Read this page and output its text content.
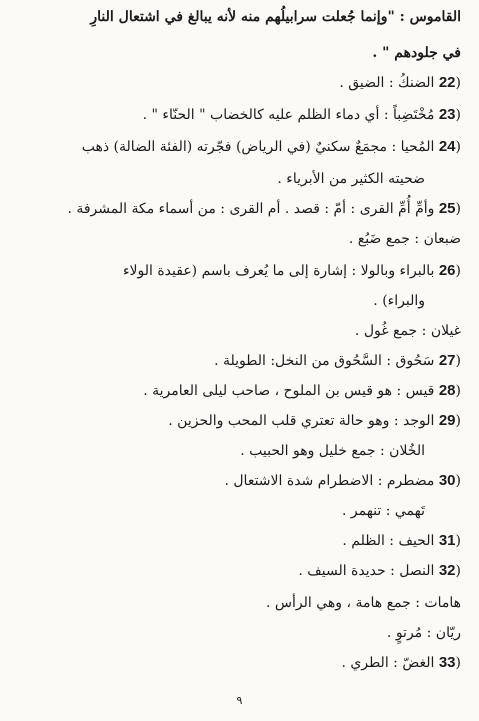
القاموس : "وإنما جُعلت سرابيلُهم منه لأنه يبالغ في اشتعال النارِ
في جلودهم " .
(22 الضنكُ : الضيق .
(23 مُخْتَضِباً : أي دماء الظلم عليه كالخضاب " الحنّاء " .
(24 المُحيا : مجمَعٌ سكنيٌ (في الرياض) فجّرته (الفئة الضالة) ذهب
ضحيته الكثير من الأبرياء .
(25 وأمِّ أُمِّ القرى : أمّ : قصد . أم القرى : من أسماء مكة المشرفة .
ضبعان : جمع ضَبُع .
(26 بالبراء وبالولا : إشارة إلى ما يُعرف باسم (عقيدة الولاء
والبراء) .
غيلان : جمع غُول .
(27 سَحُوق : السَّحُوق من النخل: الطويلة .
(28 قيس : هو قيس بن الملوح ، صاحب ليلى العامرية .
(29 الوجد : وهو حالة تعتري قلب المحب والحزين .
الخُلان : جمع خليل وهو الحبيب .
(30 مضطرم : الاضطرام شدة الاشتعال .
تَهمي : تنهمر .
(31 الحيف : الظلم .
(32 النصل : حديدة السيف .
هامات : جمع هامة ، وهي الرأس .
ريّان : مُرتوٍ .
(33 الغضّ : الطري .
٩
